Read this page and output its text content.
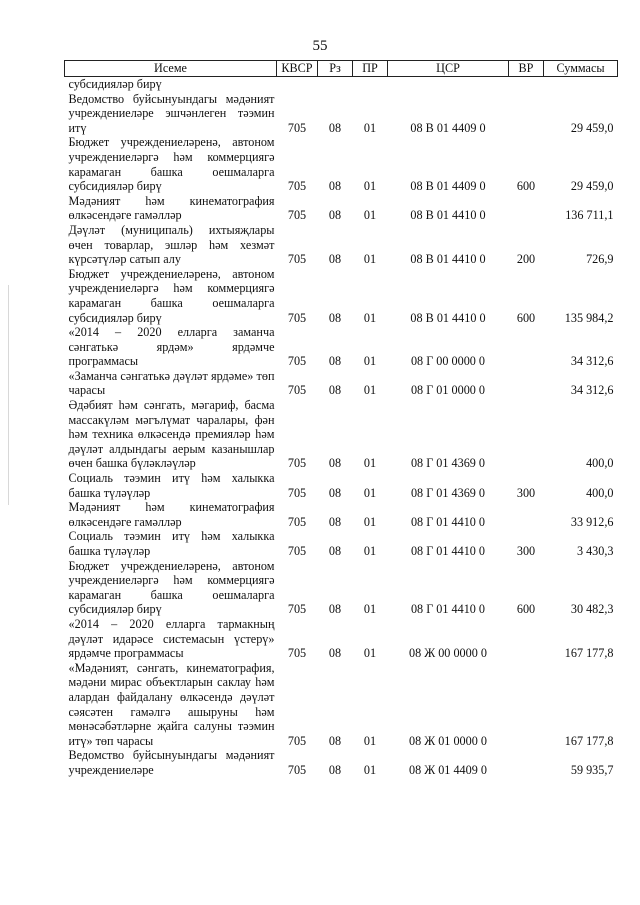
55
Исеме	КВСР	Рз	ПР	ЦСР	ВР	Суммасы
субсидияләр бирү						
Ведомство буйсынуындагы мәдәният учреждениеләре эшчәнлеген тәэмин итү	705	08	01	08 В 01 4409 0		29 459,0
Бюджет учреждениеләренә, автоном учреждениеләргә һәм коммерциягә карамаган башка оешмаларга субсидияләр бирү	705	08	01	08 В 01 4409 0	600	29 459,0
Мәдәният һәм кинематография өлкәсендәге гамәлләр	705	08	01	08 В 01 4410 0		136 711,1
Дәүләт (муниципаль) ихтыяҗлары өчен товарлар, эшләр һәм хезмәт күрсәтүләр сатып алу	705	08	01	08 В 01 4410 0	200	726,9
Бюджет учреждениеләренә, автоном учреждениеләргә һәм коммерциягә карамаган башка оешмаларга субсидияләр бирү	705	08	01	08 В 01 4410 0	600	135 984,2
«2014 – 2020 елларга заманча сәнгатькә ярдәм» ярдәмче программасы	705	08	01	08 Г 00 0000 0		34 312,6
«Заманча сәнгатькә дәүләт ярдәме» төп чарасы	705	08	01	08 Г 01 0000 0		34 312,6
Әдәбият һәм сәнгать, мәгариф, басма массакүләм мәгълүмат чаралары, фән һәм техника өлкәсендә премияләр һәм дәүләт алдындагы аерым казанышлар өчен башка бүләкләүләр	705	08	01	08 Г 01 4369 0		400,0
Социаль тәэмин итү һәм халыкка башка түләүләр	705	08	01	08 Г 01 4369 0	300	400,0
Мәдәният һәм кинематография өлкәсендәге гамәлләр	705	08	01	08 Г 01 4410 0		33 912,6
Социаль тәэмин итү һәм халыкка башка түләүләр	705	08	01	08 Г 01 4410 0	300	3 430,3
Бюджет учреждениеләренә, автоном учреждениеләргә һәм коммерциягә карамаган башка оешмаларга субсидияләр бирү	705	08	01	08 Г 01 4410 0	600	30 482,3
«2014 – 2020 елларга тармакның дәүләт идарәсе системасын үстерү» ярдәмче программасы	705	08	01	08 Ж 00 0000 0		167 177,8
«Мәдәният, сәнгать, кинематография, мәдәни мирас объектларын саклау һәм алардан файдалану өлкәсендә дәүләт сәясәтен гамәлгә ашыруны һәм мөнәсәбәтләрне җайга салуны тәэмин итү» төп чарасы	705	08	01	08 Ж 01 0000 0		167 177,8
Ведомство буйсынуындагы мәдәният учреждениеләре	705	08	01	08 Ж 01 4409 0		59 935,7
